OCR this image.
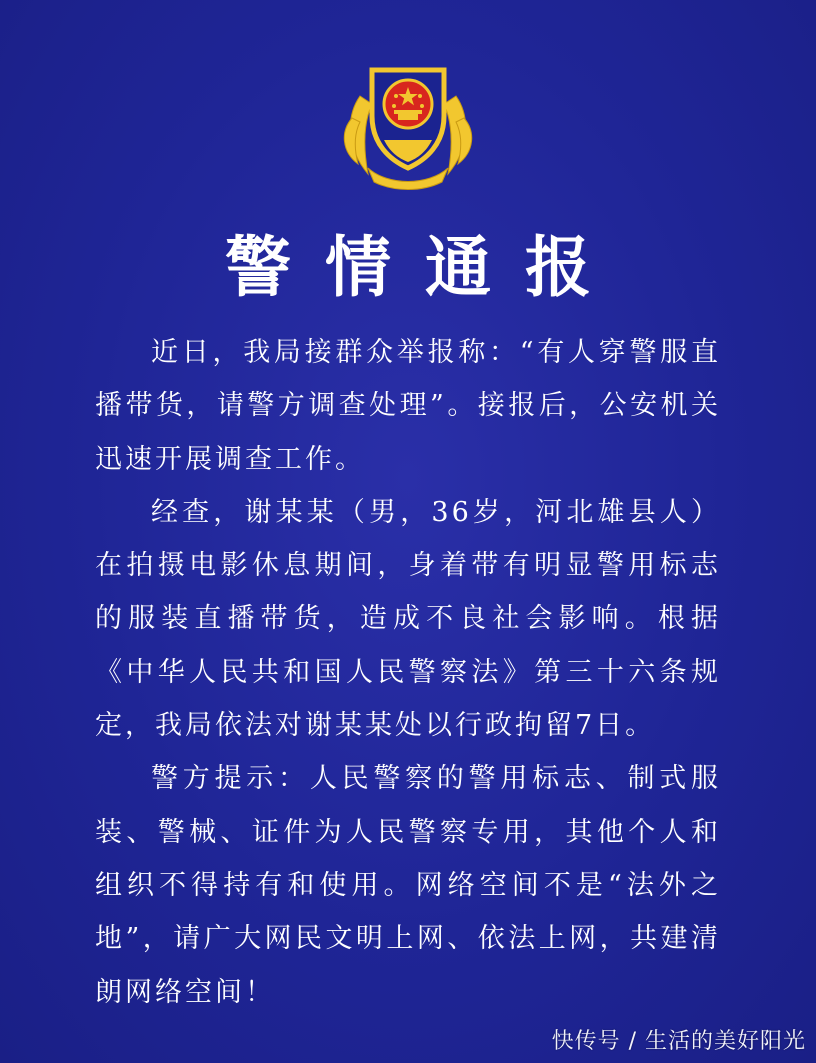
警情通报

近日，我局接群众举报称：“有人穿警服直播带货，请警方调查处理”。接报后，公安机关迅速开展调查工作。

经查，谢某某（男，36岁，河北雄县人）在拍摄电影休息期间，身着带有明显警用标志的服装直播带货，造成不良社会影响。根据《中华人民共和国人民警察法》第三十六条规定，我局依法对谢某某处以行政拘留7日。

警方提示：人民警察的警用标志、制式服装、警械、证件为人民警察专用，其他个人和组织不得持有和使用。网络空间不是“法外之地”，请广大网民文明上网、依法上网，共建清朗网络空间！

快传号 / 生活的美好阳光
